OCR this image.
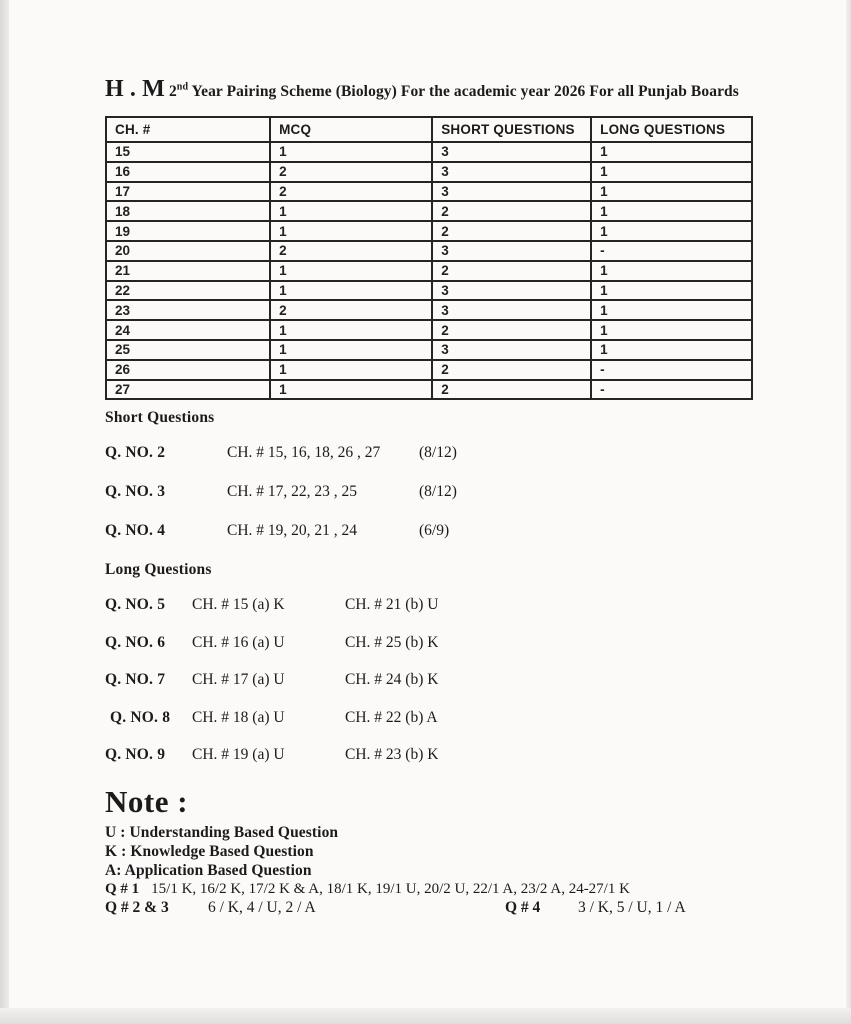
H . M 2nd Year Pairing Scheme (Biology) For the academic year 2026 For all Punjab Boards
CH. #	MCQ	SHORT QUESTIONS	LONG QUESTIONS
15	1	3	1
16	2	3	1
17	2	3	1
18	1	2	1
19	1	2	1
20	2	3	-
21	1	2	1
22	1	3	1
23	2	3	1
24	1	2	1
25	1	3	1
26	1	2	-
27	1	2	-
Short Questions
Q. NO. 2	CH. # 15, 16, 18, 26 , 27	(8/12)
Q. NO. 3	CH. # 17, 22, 23 , 25	(8/12)
Q. NO. 4	CH. # 19, 20, 21 , 24	(6/9)
Long Questions
Q. NO. 5	CH. # 15 (a) K	CH. # 21 (b) U
Q. NO. 6	CH. # 16 (a) U	CH. # 25 (b) K
Q. NO. 7	CH. # 17 (a) U	CH. # 24 (b) K
Q. NO. 8	CH. # 18 (a) U	CH. # 22 (b) A
Q. NO. 9	CH. # 19 (a) U	CH. # 23 (b) K
Note :
U : Understanding Based Question
K : Knowledge Based Question
A: Application Based Question
Q # 1 15/1 K, 16/2 K, 17/2 K & A, 18/1 K, 19/1 U, 20/2 U, 22/1 A, 23/2 A, 24-27/1 K
Q # 2 & 3	6 / K, 4 / U, 2 / A	Q # 4	3 / K, 5 / U, 1 / A
